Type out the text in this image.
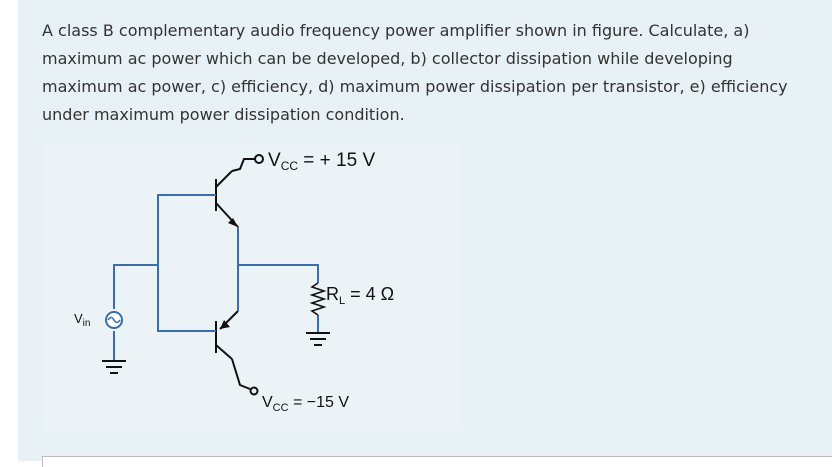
A class B complementary audio frequency power amplifier shown in figure. Calculate, a) maximum ac power which can be developed, b) collector dissipation while developing maximum ac power, c) efficiency, d) maximum power dissipation per transistor, e) efficiency under maximum power dissipation condition.

$V_{CC}$ = + 15 V
$V_{CC} = -15$ V
$R_L = 4$ Ω
$V_{in}$
